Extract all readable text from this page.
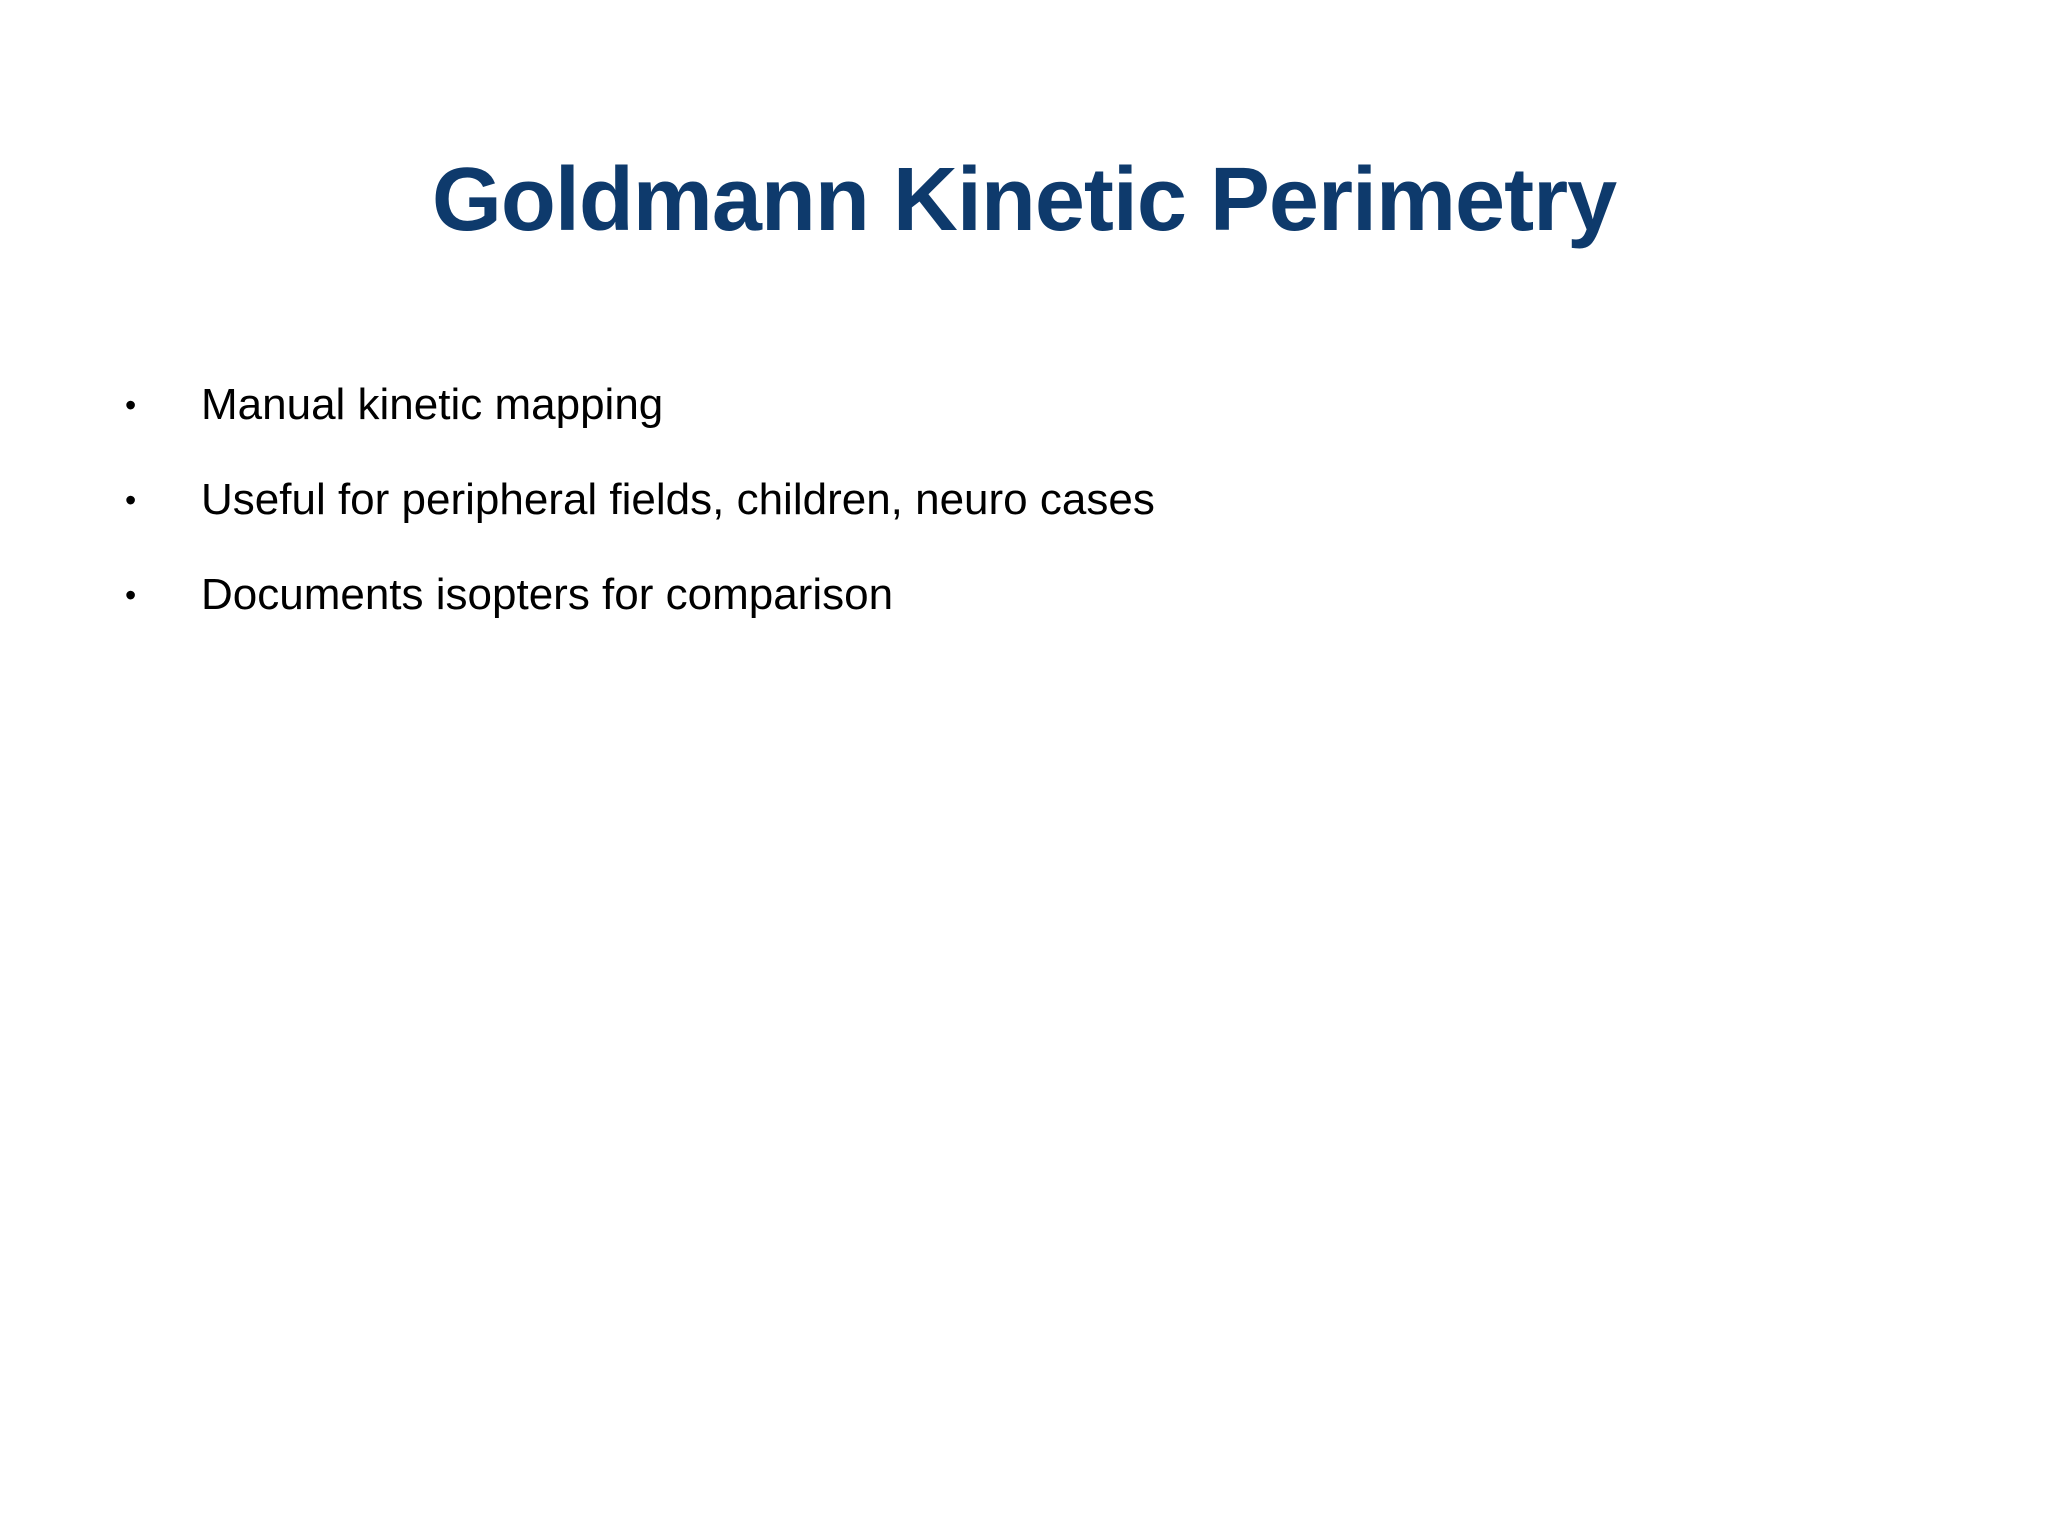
Goldmann Kinetic Perimetry
• Manual kinetic mapping
• Useful for peripheral fields, children, neuro cases
• Documents isopters for comparison
